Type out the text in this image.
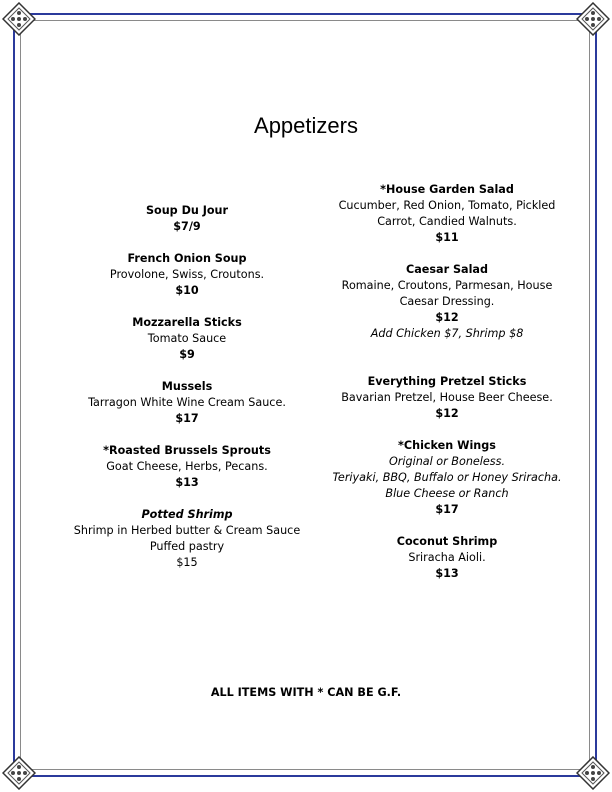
Appetizers
Soup Du Jour
$7/9
French Onion Soup
Provolone, Swiss, Croutons.
$10
Mozzarella Sticks
Tomato Sauce
$9
Mussels
Tarragon White Wine Cream Sauce.
$17
*Roasted Brussels Sprouts
Goat Cheese, Herbs, Pecans.
$13
Potted Shrimp
Shrimp in Herbed butter & Cream Sauce
Puffed pastry
$15
*House Garden Salad
Cucumber, Red Onion, Tomato, Pickled
Carrot, Candied Walnuts.
$11
Caesar Salad
Romaine, Croutons, Parmesan, House
Caesar Dressing.
$12
Add Chicken $7, Shrimp $8
Everything Pretzel Sticks
Bavarian Pretzel, House Beer Cheese.
$12
*Chicken Wings
Original or Boneless.
Teriyaki, BBQ, Buffalo or Honey Sriracha.
Blue Cheese or Ranch
$17
Coconut Shrimp
Sriracha Aioli.
$13
ALL ITEMS WITH * CAN BE G.F.
